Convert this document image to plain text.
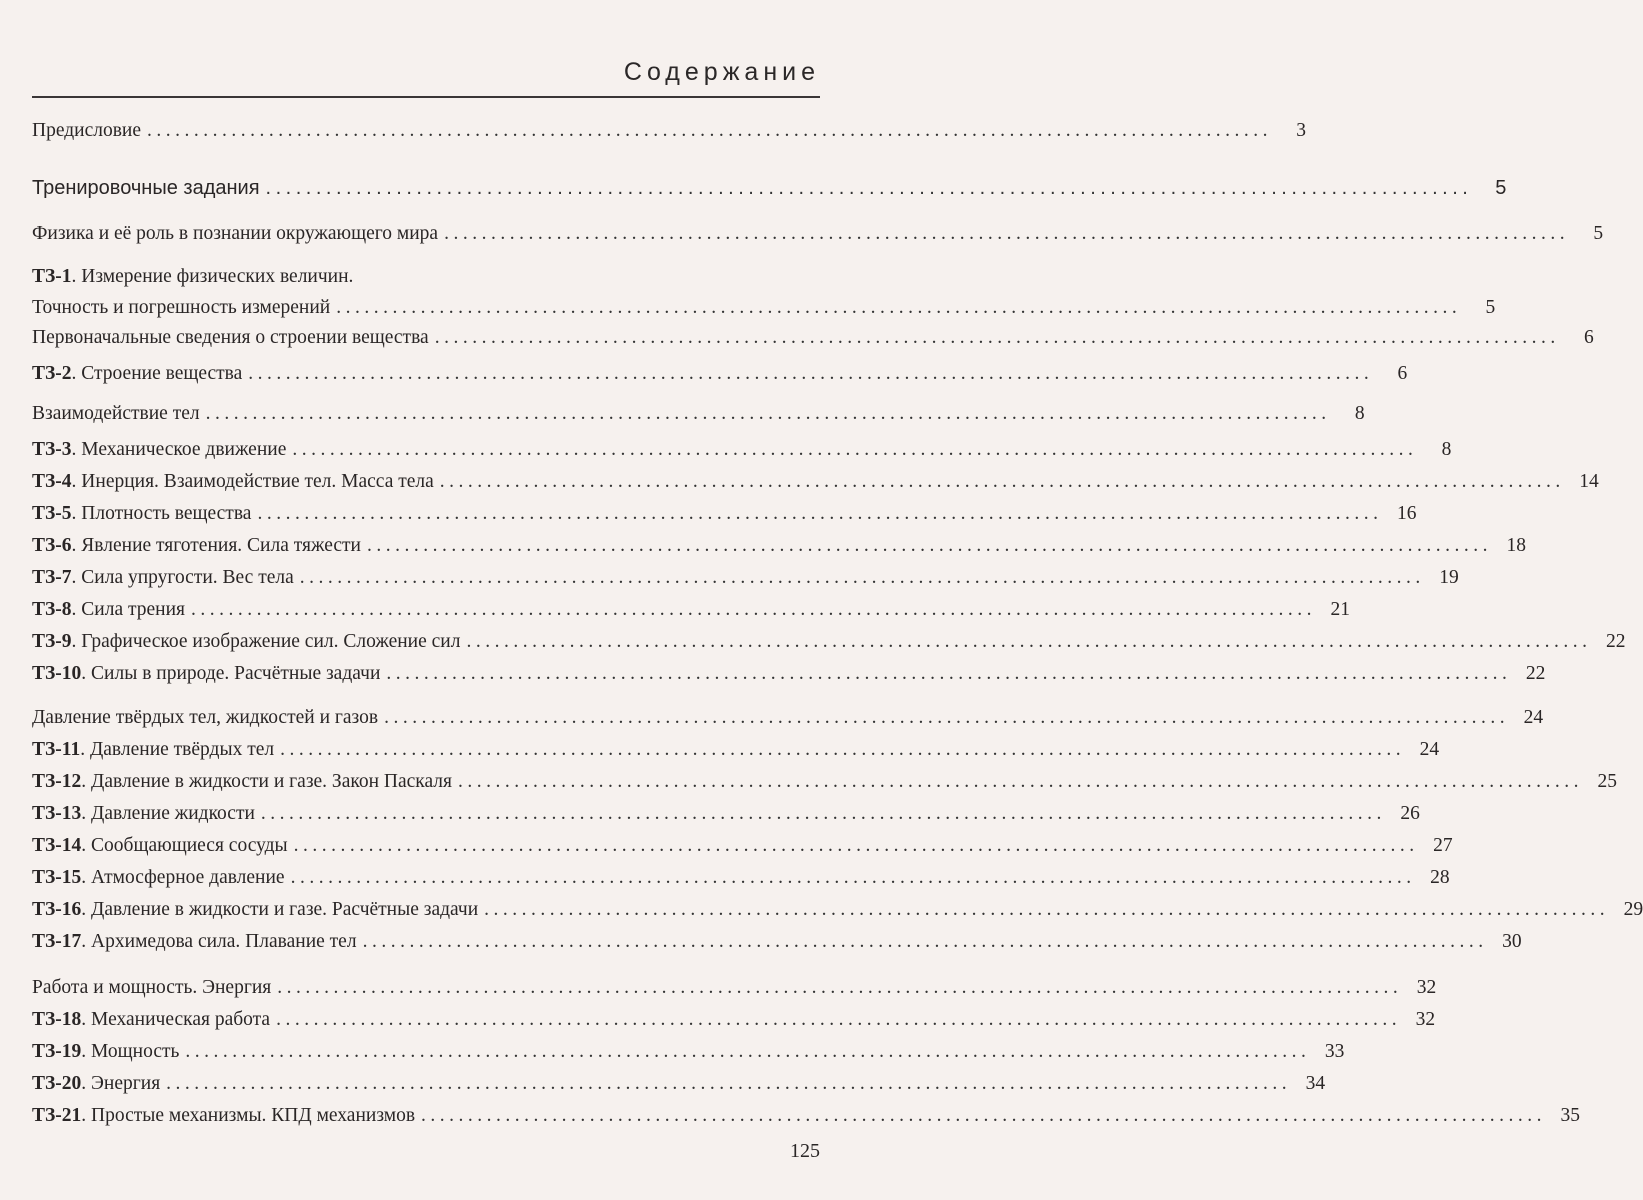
Содержание
Предисловие ........................................................................................................................	3
Тренировочные задания ........................................................................................................................	5
Физика и её роль в познании окружающего мира ........................................................................................................................	5
ТЗ-1. Измерение физических величин.
Точность и погрешность измерений ........................................................................................................................	5
Первоначальные сведения о строении вещества ........................................................................................................................	6
ТЗ-2 . Строение вещества ........................................................................................................................	6
Взаимодействие тел ........................................................................................................................	8
ТЗ-3 . Механическое движение ........................................................................................................................	8
ТЗ-4 . Инерция. Взаимодействие тел. Масса тела ........................................................................................................................ 14
ТЗ-5 . Плотность вещества ........................................................................................................................ 16
ТЗ-6 . Явление тяготения. Сила тяжести ........................................................................................................................ 18
ТЗ-7 . Сила упругости. Вес тела ........................................................................................................................ 19
ТЗ-8 . Сила трения ........................................................................................................................ 21
ТЗ-9 . Графическое изображение сил. Сложение сил ........................................................................................................................ 22
ТЗ-10 . Силы в природе. Расчётные задачи ........................................................................................................................ 22
Давление твёрдых тел, жидкостей и газов ........................................................................................................................ 24
ТЗ-11 . Давление твёрдых тел ........................................................................................................................ 24
ТЗ-12 . Давление в жидкости и газе. Закон Паскаля ........................................................................................................................ 25
ТЗ-13 . Давление жидкости ........................................................................................................................ 26
ТЗ-14 . Сообщающиеся сосуды ........................................................................................................................ 27
ТЗ-15 . Атмосферное давление ........................................................................................................................ 28
ТЗ-16 . Давление в жидкости и газе. Расчётные задачи ........................................................................................................................ 29
ТЗ-17 . Архимедова сила. Плавание тел ........................................................................................................................ 30
Работа и мощность. Энергия ........................................................................................................................ 32
ТЗ-18 . Механическая работа ........................................................................................................................ 32
ТЗ-19 . Мощность ........................................................................................................................ 33
ТЗ-20 . Энергия ........................................................................................................................ 34
ТЗ-21 . Простые механизмы. КПД механизмов ........................................................................................................................ 35
125
